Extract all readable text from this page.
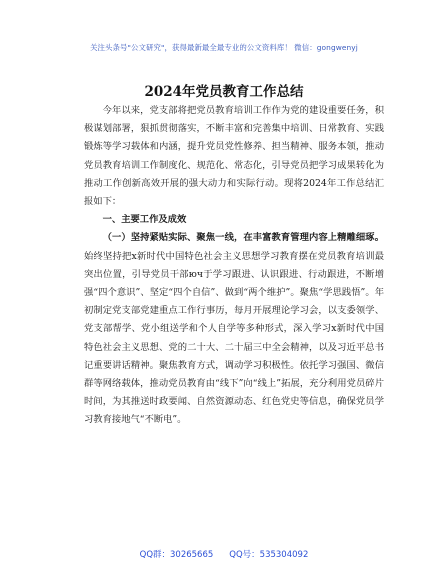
关注头条号"公文研究"，获得最新最全最专业的公文资料库！ 微信：gongwenyj
2024年党员教育工作总结

今年以来，党支部将把党员教育培训工作作为党的建设重要任务，积极谋划部署，狠抓贯彻落实，不断丰富和完善集中培训、日常教育、实践锻炼等学习载体和内涵，提升党员党性修养、担当精神、服务本领，推动党员教育培训工作制度化、规范化、常态化，引导党员把学习成果转化为推动工作创新高效开展的强大动力和实际行动。现将2024年工作总结汇报如下：

一、主要工作及成效

（一）坚持紧贴实际、聚焦一线，在丰富教育管理内容上精雕细琢。始终坚持把x新时代中国特色社会主义思想学习教育摆在党员教育培训最突出位置，引导党员干部юч于学习跟进、认识跟进、行动跟进，不断增强“四个意识”、坚定“四个自信”、做到“两个维护”。聚焦“学思践悟”。年初制定党支部党建重点工作行事历，每月开展理论学习会，以支委领学、党支部帮学、党小组送学和个人自学等多种形式，深入学习x新时代中国特色社会主义思想、党的二十大、二十届三中全会精神，以及习近平总书记重要讲话精神。聚焦教育方式，调动学习积极性。依托学习强国、微信群等网络载体，推动党员教育由“线下”向“线上”拓展，充分利用党员碎片时间，为其推送时政要闻、自然资源动态、红色党史等信息，确保党员学习教育接地气“不断电”。

QQ群：30265665 QQ号：535304092
